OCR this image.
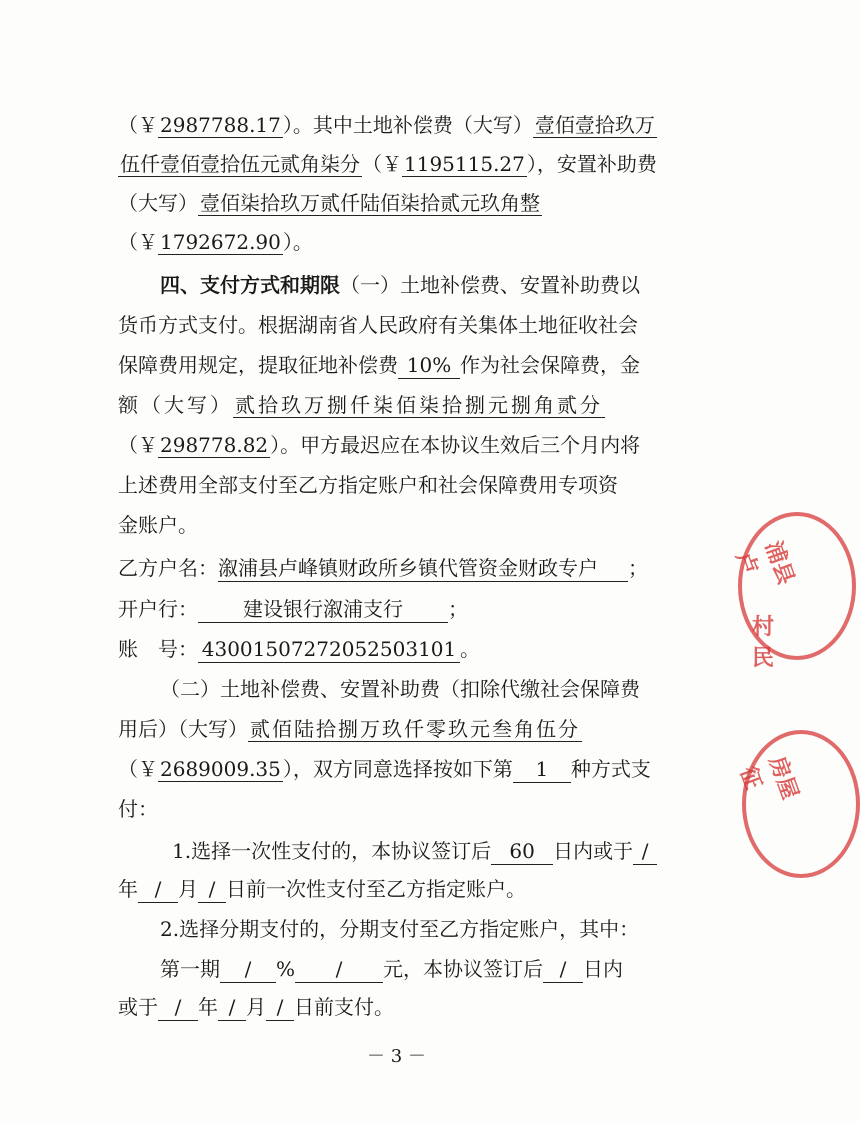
（￥ 2987788.17 ）。其中土地补偿费（大写） 壹佰壹拾玖万
伍仟壹佰壹拾伍元贰角柒分 （￥ 1195115.27 ），安置补助费
（大写） 壹佰柒拾玖万贰仟陆佰柒拾贰元玖角整
（￥ 1792672.90 ）。
四、支付方式和期限（一）土地补偿费、安置补助费以
货币方式支付。根据湖南省人民政府有关集体土地征收社会
保障费用规定，提取征地补偿费 10% 作为社会保障费，金
额（大写） 贰拾玖万捌仟柒佰柒拾捌元捌角贰分
（￥ 298778.82 ）。甲方最迟应在本协议生效后三个月内将
上述费用全部支付至乙方指定账户和社会保障费用专项资
金账户。
乙方户名：溆浦县卢峰镇财政所乡镇代管资金财政专户 ；
开户行： 建设银行溆浦支行 ；
账　号： 43001507272052503101 。
（二）土地补偿费、安置补助费（扣除代缴社会保障费
用后）（大写） 贰佰陆拾捌万玖仟零玖元叁角伍分
（￥ 2689009.35 ），双方同意选择按如下第 1 种方式支
付：
1.选择一次性支付的，本协议签订后 60 日内或于 /
年 / 月 / 日前一次性支付至乙方指定账户。
2.选择分期支付的，分期支付至乙方指定账户，其中：
第一期 / % / 元，本协议签订后 / 日内
或于 / 年 / 月 / 日前支付。
－ 3 －
浦县卢
村民
房屋征
